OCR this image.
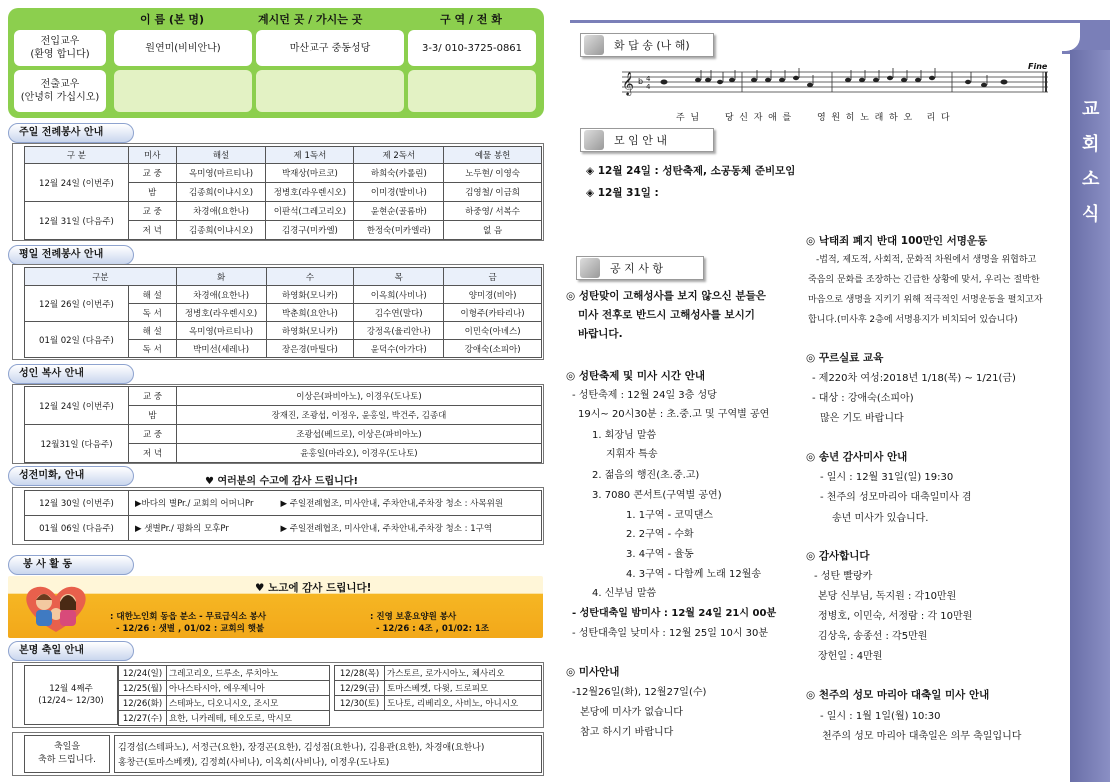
이 름 (본 명)	계시던 곳 / 가시는 곳	구 역 / 전 화
전입교우
(환영 합니다)
원연미(비비안나)	마산교구 중동성당	3-3/ 010-3725-0861
전출교우
(안녕히 가십시오)
주일 전례봉사 안내
구 분	미사	해설	제 1독서	제 2독서	예물 봉헌
12월 24일 (이번주)	교 중	옥미영(마르티나)	박재상(마르코)	하희숙(카롤린)	노두현/ 이영숙
	밤	김종희(이냐시오)	정병호(라우렌시오)	이미경(발비나)	김영철/ 이금희
12월 31일 (다음주)	교 중	차경애(요한나)	이판석(그레고리오)	윤현순(골롬바)	하중영/ 서복수
	저 녁	김종희(이냐시오)	김경구(미카엘)	한정숙(미카엘라)	없 음
평일 전례봉사 안내
구분		화	수	목	금
12월 26일 (이번주)	해 설	차경애(요한나)	하영화(모니카)	이옥희(사비나)	양미경(비아)
	독 서	정병호(라우렌시오)	박춘희(요안나)	김수연(말다)	이형주(카타리나)
01월 02일 (다음주)	해 설	옥미영(마르티나)	하영화(모니카)	강정옥(율리안나)	이민숙(아녜스)
	독 서	박미선(세레나)	장은경(마틸다)	윤덕수(아가다)	강애숙(소피아)
성인 복사 안내
12월 24일 (이번주)	교 중	이상은(파비아노), 이경우(도나토)
	밤	장재진, 조광섭, 이정우, 윤홍일, 박건주, 김종대
12월31일 (다음주)	교 중	조광섭(베드로), 이상은(파비아노)
	저 녁	윤홍일(마라오), 이경우(도나토)
성전미화, 안내
♥ 여러분의 수고에 감사 드립니다!
12월 30일 (이번주)	▶바다의 별Pr./ 교회의 어머니Pr	▶ 주일전례협조, 미사안내, 주차안내,주차장 청소 : 사목위원
01월 06일 (다음주)	▶ 샛별Pr./ 평화의 모후Pr	▶ 주일전례협조, 미사안내, 주차안내,주차장 청소 : 1구역
봉 사 활 동
♥ 노고에 감사 드립니다!
: 대한노인회 동읍 분소 - 무료급식소 봉사
- 12/26 : 샛별 , 01/02 : 교회의 햇불
: 진영 보훈요양원 봉사
- 12/26 : 4조 , 01/02: 1조
본명 축일 안내
12월 4째주
(12/24~ 12/30)
12/24(일)	그레고리오, 드루소, 루치아노
12/25(월)	아나스타시아, 에우제니아
12/26(화)	스테파노, 디오니시오, 조시모
12/27(수)	요한, 니카레테, 테오도로, 막시모
12/28(목)	가스토르, 로가시아노, 체사리오
12/29(금)	토마스베켓, 다윗, 드로피모
12/30(토)	도나토, 리베리오, 사비노, 아니시오
축일을
축하 드립니다.
김경섭(스테파노), 서정근(요한), 장경곤(요한), 김성점(요한나), 김용관(요한), 차경애(요한나)
홍창근(토마스베켓), 김정희(사비나), 이옥희(사비나), 이정우(도나토)
교
회
소
식
화 답 송 (나 해)
𝄞 b 4
4
Fine
주  님         당  신  자  애  를         영  원  히  노  래  하  오     리  다
모 임 안 내
◈ 12월 24일 : 성탄축제, 소공동체 준비모임
◈ 12월 31일 :
공 지 사 항
◎ 성탄맞이 고해성사를 보지 않으신 분들은
미사 전후로 반드시 고해성사를 보시기
바랍니다.
◎ 성탄축제 및 미사 시간 안내
- 성탄축제 : 12월 24일 3층 성당
19시~ 20시30분 : 초.중.고 및 구역별 공연
1. 회장님 말씀
지휘자 특송
2. 젊음의 행진(초.중.고)
3. 7080 콘서트(구역별 공연)
1. 1구역 - 코믹댄스
2. 2구역 - 수화
3. 4구역 - 율동
4. 3구역 - 다함께 노래 12월송
4. 신부님 말씀
- 성탄대축일 밤미사 : 12월 24일 21시 00분
- 성탄대축일 낮미사 : 12월 25일 10시 30분
◎ 미사안내
-12월26일(화), 12월27일(수)
본당에 미사가 없습니다
참고 하시기 바랍니다
◎ 낙태죄 폐지 반대 100만인 서명운동
-법적, 제도적, 사회적, 문화적 차원에서 생명을 위협하고
죽음의 문화를 조장하는 긴급한 상황에 맞서, 우리는 절박한
마음으로 생명을 지키기 위해 적극적인 서명운동을 펼치고자
합니다.(미사후 2층에 서명용지가 비치되어 있습니다)
◎ 꾸르실료 교육
- 제220차 여성:2018년 1/18(목) ~ 1/21(금)
- 대상 : 강애숙(소피아)
많은 기도 바랍니다
◎ 송년 감사미사 안내
- 일시 : 12월 31일(일) 19:30
- 천주의 성모마리아 대축일미사 겸
송년 미사가 있습니다.
◎ 감사합니다
- 성탄 빨랑카
본당 신부님, 독지원 : 각10만원
정병호, 이민숙, 서정람 : 각 10만원
김상욱, 송종선 : 각5만원
장헌일 : 4만원
◎ 천주의 성모 마리아 대축일 미사 안내
- 일시 : 1월 1일(월) 10:30
천주의 성모 마리아 대축일은 의무 축일입니다
